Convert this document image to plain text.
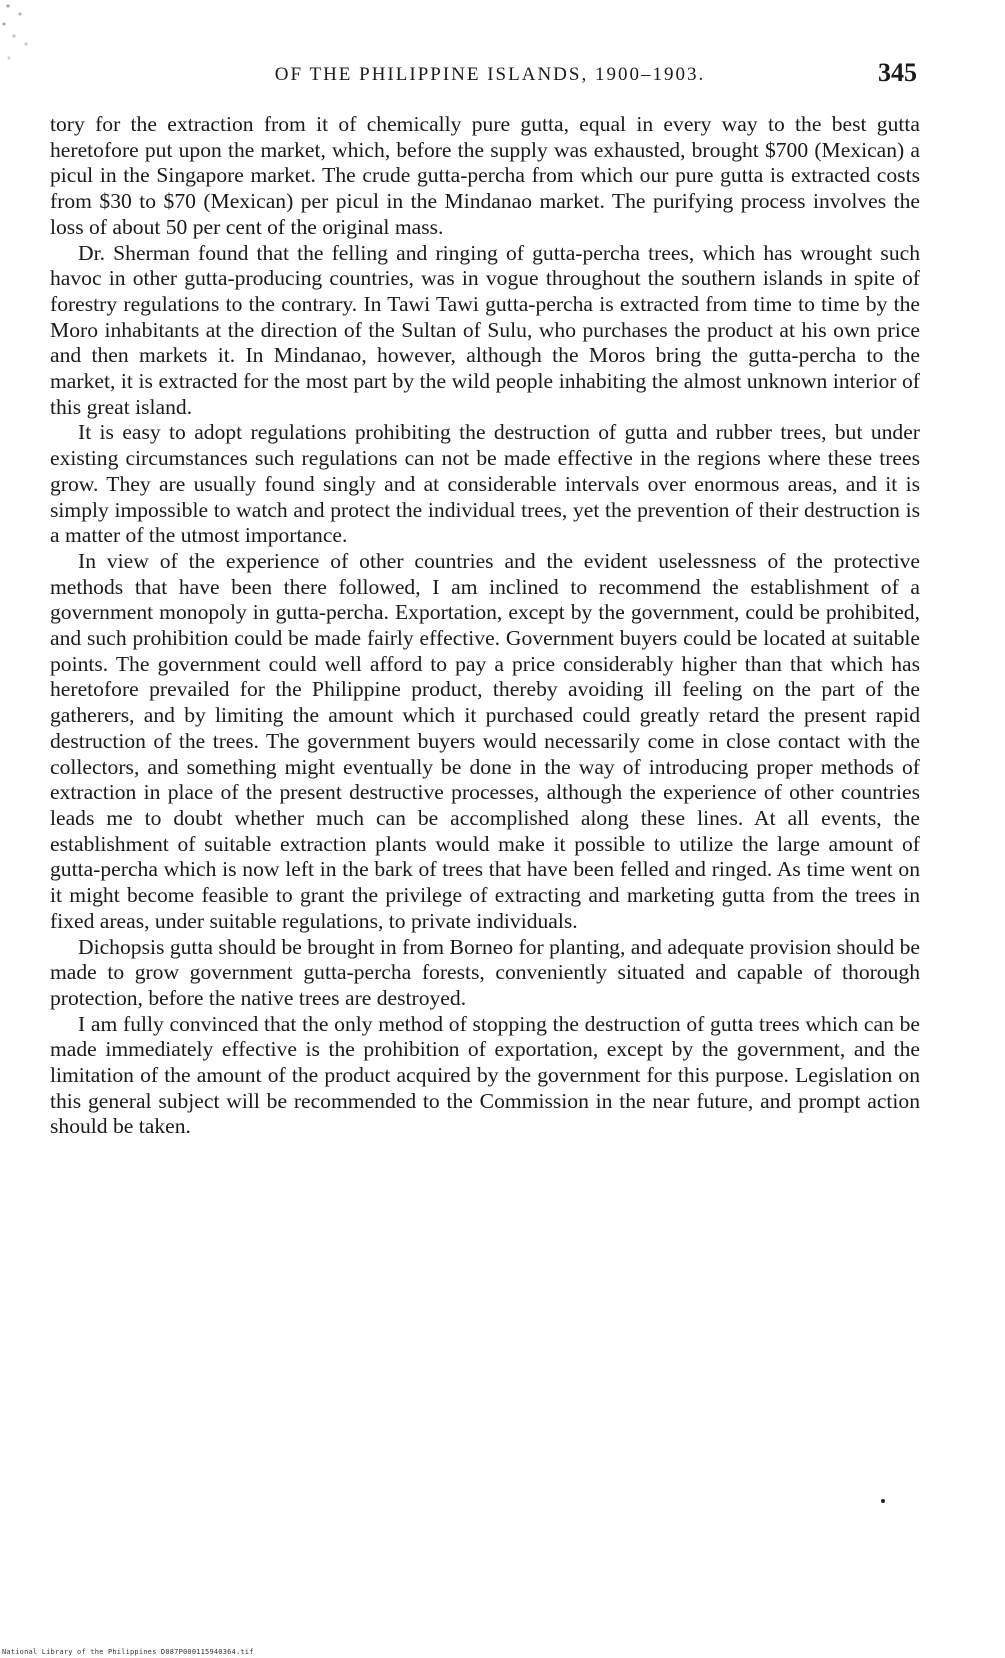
OF THE PHILIPPINE ISLANDS, 1900–1903.	345

tory for the extraction from it of chemically pure gutta, equal in every way to the best gutta heretofore put upon the market, which, before the supply was exhausted, brought $700 (Mexican) a picul in the Singapore market. The crude gutta-percha from which our pure gutta is extracted costs from $30 to $70 (Mexican) per picul in the Mindanao market. The purifying process involves the loss of about 50 per cent of the original mass.

Dr. Sherman found that the felling and ringing of gutta-percha trees, which has wrought such havoc in other gutta-producing countries, was in vogue throughout the southern islands in spite of forestry regulations to the contrary. In Tawi Tawi gutta-percha is extracted from time to time by the Moro inhabitants at the direction of the Sultan of Sulu, who purchases the product at his own price and then markets it. In Mindanao, however, although the Moros bring the gutta-percha to the market, it is extracted for the most part by the wild people inhabiting the almost unknown interior of this great island.

It is easy to adopt regulations prohibiting the destruction of gutta and rubber trees, but under existing circumstances such regulations can not be made effective in the regions where these trees grow. They are usually found singly and at considerable intervals over enormous areas, and it is simply impossible to watch and protect the individual trees, yet the prevention of their destruction is a matter of the utmost importance.

In view of the experience of other countries and the evident uselessness of the protective methods that have been there followed, I am inclined to recommend the establishment of a government monopoly in gutta-percha. Exportation, except by the government, could be prohibited, and such prohibition could be made fairly effective. Government buyers could be located at suitable points. The government could well afford to pay a price considerably higher than that which has heretofore prevailed for the Philippine product, thereby avoiding ill feeling on the part of the gatherers, and by limiting the amount which it purchased could greatly retard the present rapid destruction of the trees. The government buyers would necessarily come in close contact with the collectors, and something might eventually be done in the way of introducing proper methods of extraction in place of the present destructive processes, although the experience of other countries leads me to doubt whether much can be accomplished along these lines. At all events, the establishment of suitable extraction plants would make it possible to utilize the large amount of gutta-percha which is now left in the bark of trees that have been felled and ringed. As time went on it might become feasible to grant the privilege of extracting and marketing gutta from the trees in fixed areas, under suitable regulations, to private individuals.

Dichopsis gutta should be brought in from Borneo for planting, and adequate provision should be made to grow government gutta-percha forests, conveniently situated and capable of thorough protection, before the native trees are destroyed.

I am fully convinced that the only method of stopping the destruction of gutta trees which can be made immediately effective is the prohibition of exportation, except by the government, and the limitation of the amount of the product acquired by the government for this purpose. Legislation on this general subject will be recommended to the Commission in the near future, and prompt action should be taken.

National Library of the Philippines D087P000115940364.tif
